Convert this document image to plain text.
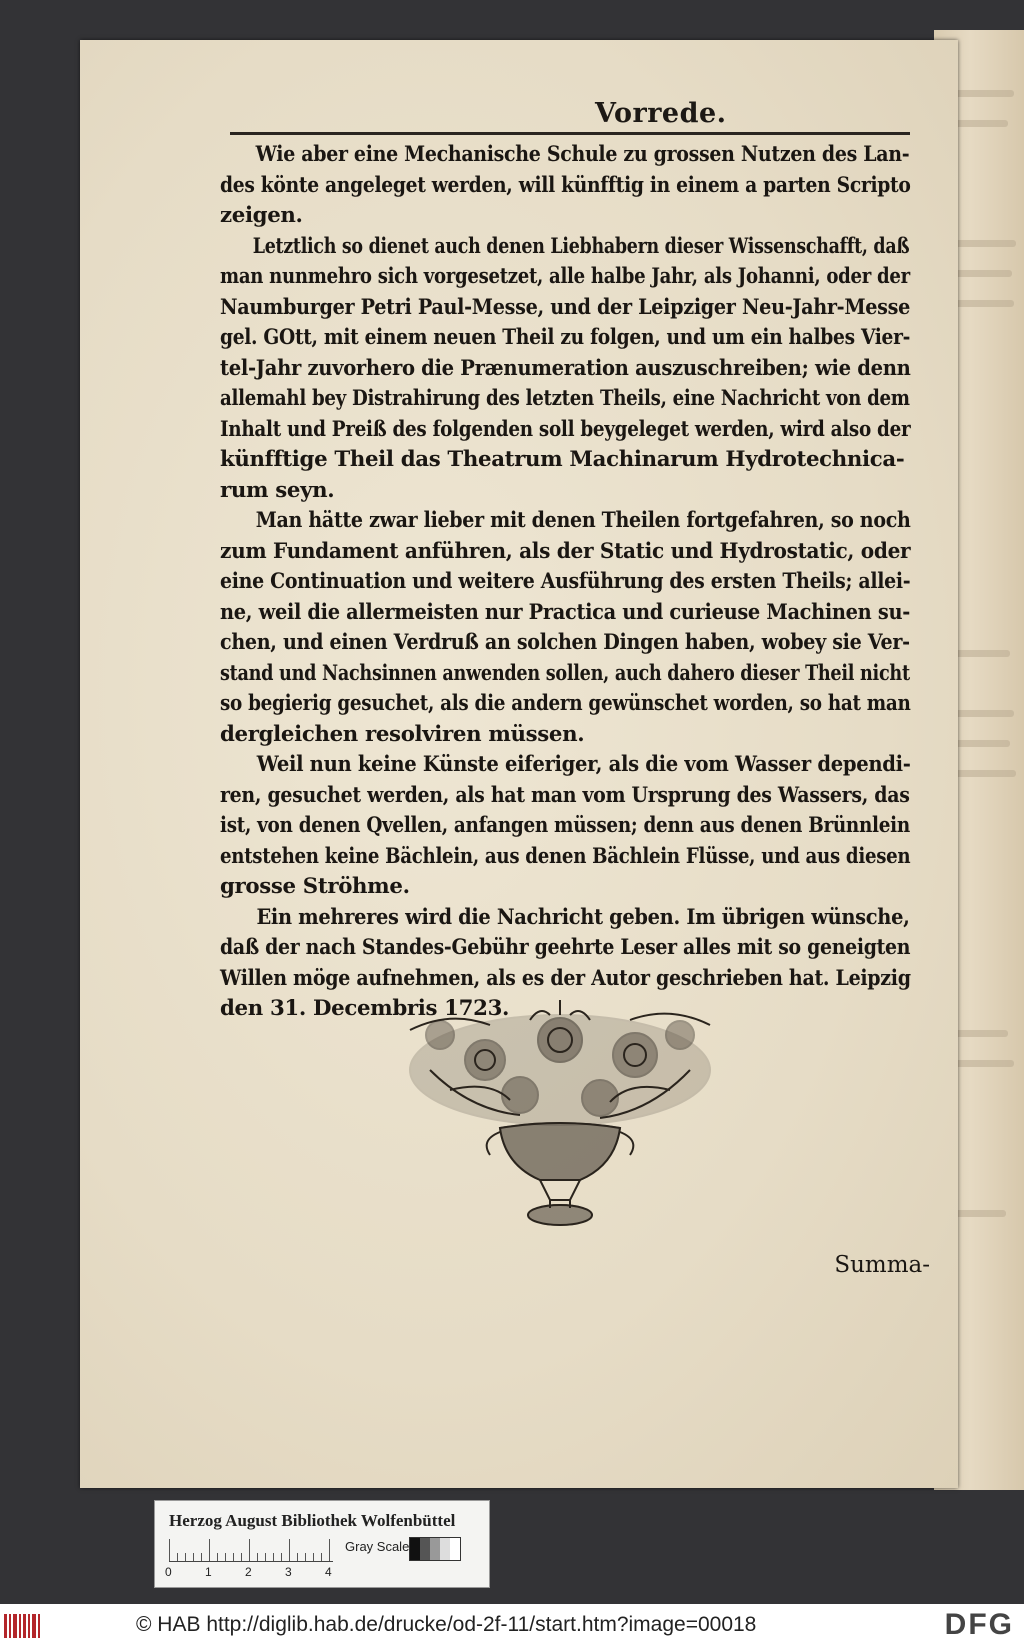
Vorrede.
Wie aber eine Mechanische Schule zu grossen Nutzen des Lan-
des könte angeleget werden, will künfftig in einem a parten Scripto
zeigen.
Letztlich so dienet auch denen Liebhabern dieser Wissenschafft, daß
man nunmehro sich vorgesetzet, alle halbe Jahr, als Johanni, oder der
Naumburger Petri Paul-Messe, und der Leipziger Neu-Jahr-Messe
gel. GOtt, mit einem neuen Theil zu folgen, und um ein halbes Vier-
tel-Jahr zuvorhero die Prænumeration auszuschreiben; wie denn
allemahl bey Distrahirung des letzten Theils, eine Nachricht von dem
Inhalt und Preiß des folgenden soll beygeleget werden, wird also der
künfftige Theil das Theatrum Machinarum Hydrotechnica-
rum seyn.
Man hätte zwar lieber mit denen Theilen fortgefahren, so noch
zum Fundament anführen, als der Static und Hydrostatic, oder
eine Continuation und weitere Ausführung des ersten Theils; allei-
ne, weil die allermeisten nur Practica und curieuse Machinen su-
chen, und einen Verdruß an solchen Dingen haben, wobey sie Ver-
stand und Nachsinnen anwenden sollen, auch dahero dieser Theil nicht
so begierig gesuchet, als die andern gewünschet worden, so hat man
dergleichen resolviren müssen.
Weil nun keine Künste eiferiger, als die vom Wasser dependi-
ren, gesuchet werden, als hat man vom Ursprung des Wassers, das
ist, von denen Qvellen, anfangen müssen; denn aus denen Brünnlein
entstehen keine Bächlein, aus denen Bächlein Flüsse, und aus diesen
grosse Ströhme.
Ein mehreres wird die Nachricht geben. Im übrigen wünsche,
daß der nach Standes-Gebühr geehrte Leser alles mit so geneigten
Willen möge aufnehmen, als es der Autor geschrieben hat. Leipzig
den 31. Decembris 1723.
Summa-
Herzog August Bibliothek Wolfenbüttel
0	1	2	3	4
Gray Scale
© HAB http://diglib.hab.de/drucke/od-2f-11/start.htm?image=00018	DFG
